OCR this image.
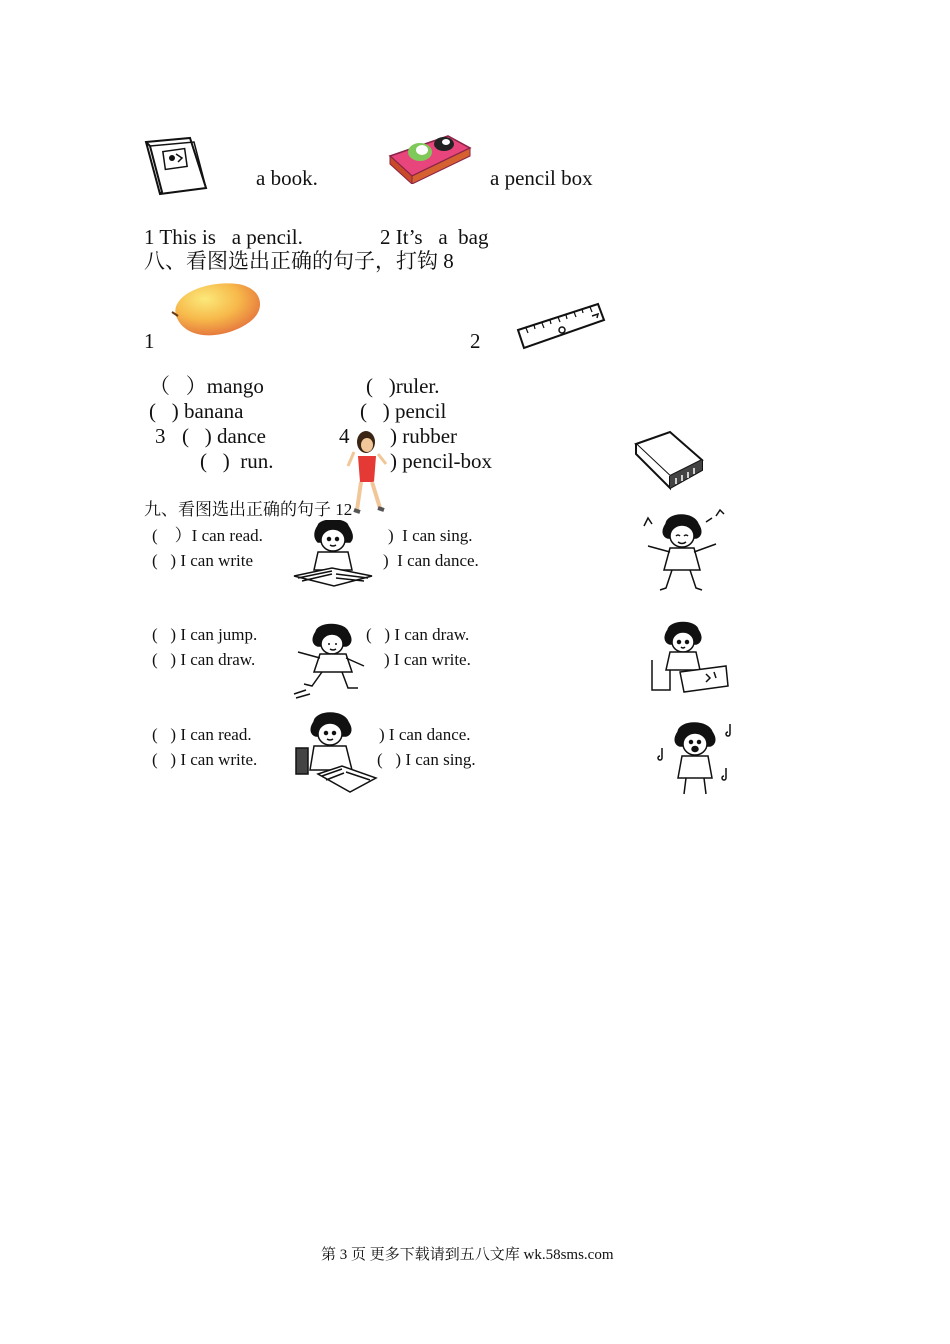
a book.	a pencil box
1 This is   a pencil.	2 It’s   a  bag
八、看图选出正确的句子，打钩 8
1	2
（   ）mango
(   ) banana
(   )ruler.
(   ) pencil
3 (   ) dance
(   )  run.
4 ) rubber
) pencil-box
九、看图选出正确的句子 12
(    ）I can read.
(   ) I can write
)  I can sing.
)  I can dance.
(   ) I can jump.
(   ) I can draw.
(   ) I can draw.
) I can write.
(   ) I can read.
(   ) I can write.
) I can dance.
(   ) I can sing.
第 3 页 更多下载请到五八文库 wk.58sms.com
